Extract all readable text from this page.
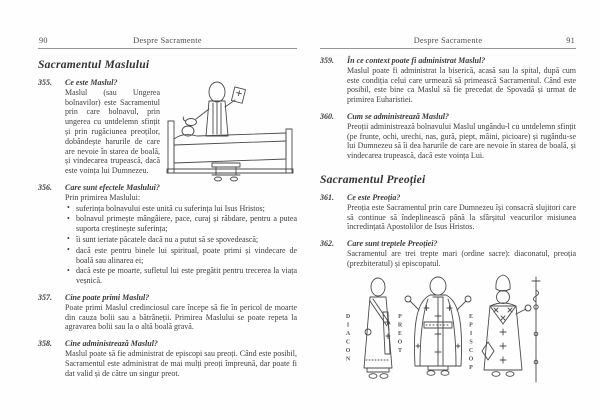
90	Despre Sacramente
Sacramentul Maslului
355. Ce este Maslul?
Maslul (sau Ungerea bolnavilor) este Sacramentul prin care bolnavul, prin ungerea cu untdelemn sfințit și prin rugăciunea preoților, dobândește harurile de care are nevoie în starea de boală, și vindecarea trupească, dacă este voința lui Dumnezeu.
356. Care sunt efectele Maslului?
Prin primirea Maslului:
• suferința bolnavului este unită cu suferința lui Isus Hristos;
• bolnavul primește mângâiere, pace, curaj și răbdare, pentru a putea suporta creștinește suferința;
• îi sunt iertate păcatele dacă nu a putut să se spovedească;
• dacă este pentru binele lui spiritual, poate primi și vindecare de boală sau alinarea ei;
• dacă este pe moarte, sufletul lui este pregătit pentru trecerea la viața veșnică.
357. Cine poate primi Maslul?
Poate primi Maslul credinciosul care începe să fie în pericol de moarte din cauza bolii sau a bătrâneții. Primirea Maslului se poate repeta la agravarea bolii sau la o altă boală gravă.
358. Cine administrează Maslul?
Maslul poate să fie administrat de episcopi sau preoți. Când este posibil, Sacramentul este administrat de mai mulți preoți împreună, dar poate fi dat valid și de către un singur preot.
Despre Sacramente	91
359. În ce context poate fi administrat Maslul?
Maslul poate fi administrat la biserică, acasă sau la spital, după cum este condiția celui care urmează să primească Sacramentul. Când este posibil, este bine ca Maslul să fie precedat de Spovadă și urmat de primirea Euharistiei.
360. Cum se administrează Maslul?
Preoții administrează bolnavului Maslul ungându-l cu untdelemn sfințit (pe frunte, ochi, urechi, nas, gură, piept, mâini, picioare) și rugându-se lui Dumnezeu să îi dea harurile de care are nevoie în starea de boală, și vindecarea trupească, dacă este voința Lui.
Sacramentul Preoției
361. Ce este Preoția?
Preoția este Sacramentul prin care Dumnezeu își consacră slujitori care să continue să îndeplinească până la sfârșitul veacurilor misiunea încredințată Apostolilor de Isus Hristos.
362. Care sunt treptele Preoției?
Sacramentul are trei trepte mari (ordine sacre): diaconatul, preoția (prezbiteratul) și episcopatul.
DIACON	PREOT	EPISCOP
